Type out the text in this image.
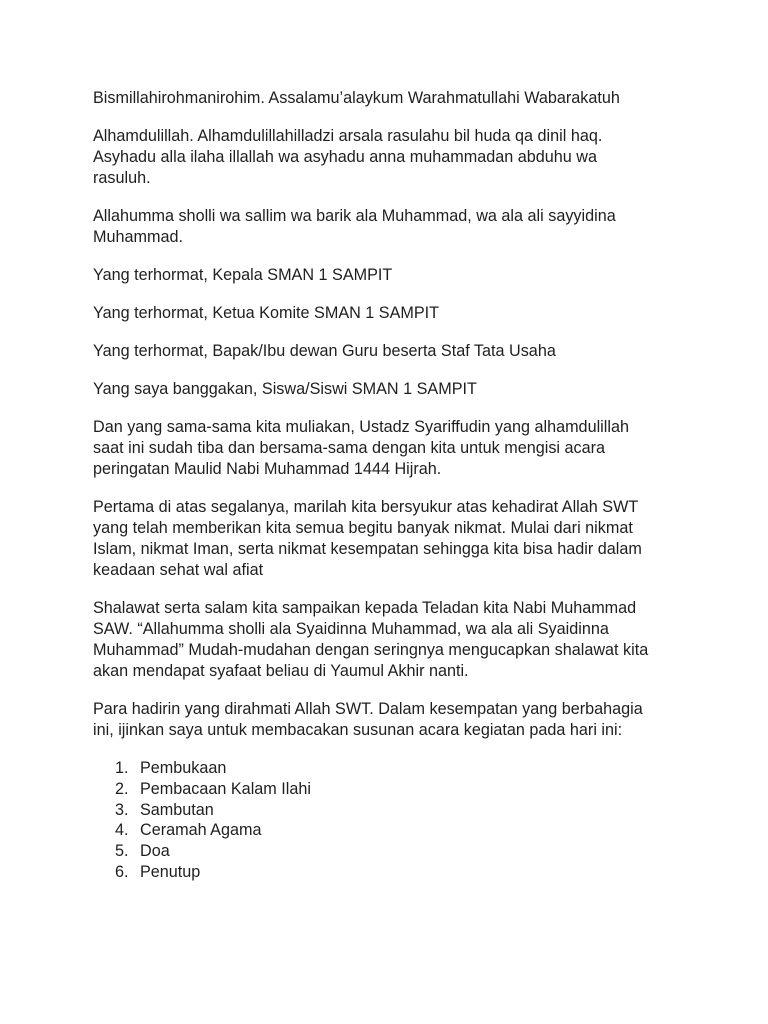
Bismillahirohmanirohim. Assalamu’alaykum Warahmatullahi Wabarakatuh

Alhamdulillah. Alhamdulillahilladzi arsala rasulahu bil huda qa dinil haq.
Asyhadu alla ilaha illallah wa asyhadu anna muhammadan abduhu wa
rasuluh.

Allahumma sholli wa sallim wa barik ala Muhammad, wa ala ali sayyidina
Muhammad.

Yang terhormat, Kepala SMAN 1 SAMPIT

Yang terhormat, Ketua Komite SMAN 1 SAMPIT

Yang terhormat, Bapak/Ibu dewan Guru beserta Staf Tata Usaha

Yang saya banggakan, Siswa/Siswi SMAN 1 SAMPIT

Dan yang sama-sama kita muliakan, Ustadz Syariffudin yang alhamdulillah
saat ini sudah tiba dan bersama-sama dengan kita untuk mengisi acara
peringatan Maulid Nabi Muhammad 1444 Hijrah.

Pertama di atas segalanya, marilah kita bersyukur atas kehadirat Allah SWT
yang telah memberikan kita semua begitu banyak nikmat. Mulai dari nikmat
Islam, nikmat Iman, serta nikmat kesempatan sehingga kita bisa hadir dalam
keadaan sehat wal afiat

Shalawat serta salam kita sampaikan kepada Teladan kita Nabi Muhammad
SAW. “Allahumma sholli ala Syaidinna Muhammad, wa ala ali Syaidinna
Muhammad” Mudah-mudahan dengan seringnya mengucapkan shalawat kita
akan mendapat syafaat beliau di Yaumul Akhir nanti.

Para hadirin yang dirahmati Allah SWT. Dalam kesempatan yang berbahagia
ini, ijinkan saya untuk membacakan susunan acara kegiatan pada hari ini:

1. Pembukaan
2. Pembacaan Kalam Ilahi
3. Sambutan
4. Ceramah Agama
5. Doa
6. Penutup
